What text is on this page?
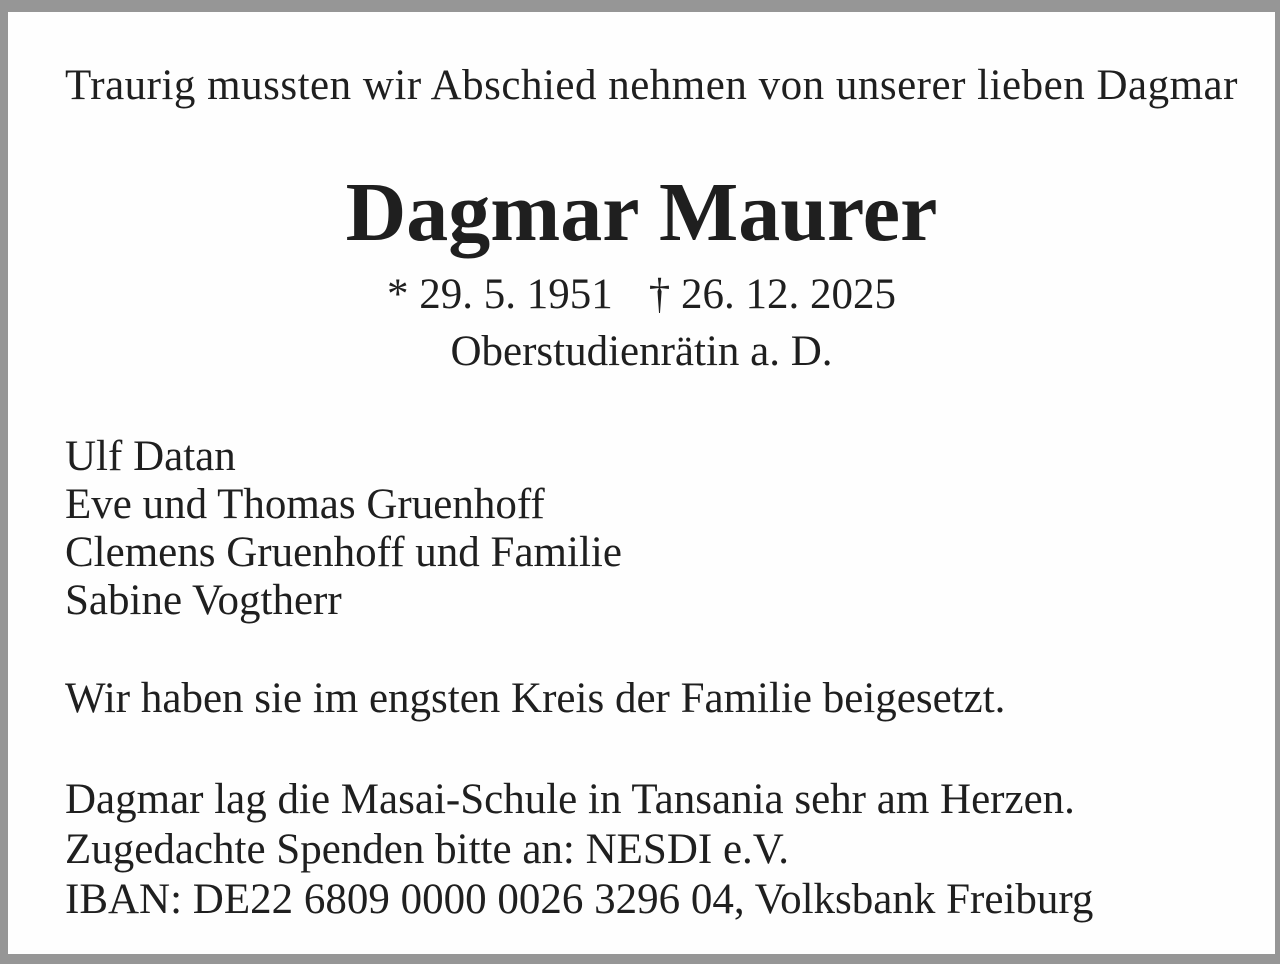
Traurig mussten wir Abschied nehmen von unserer lieben Dagmar
Dagmar Maurer
* 29. 5. 1951 † 26. 12. 2025
Oberstudienrätin a. D.
Ulf Datan
Eve und Thomas Gruenhoff
Clemens Gruenhoff und Familie
Sabine Vogtherr
Wir haben sie im engsten Kreis der Familie beigesetzt.
Dagmar lag die Masai-Schule in Tansania sehr am Herzen.
Zugedachte Spenden bitte an: NESDI e.V.
IBAN: DE22 6809 0000 0026 3296 04, Volksbank Freiburg
